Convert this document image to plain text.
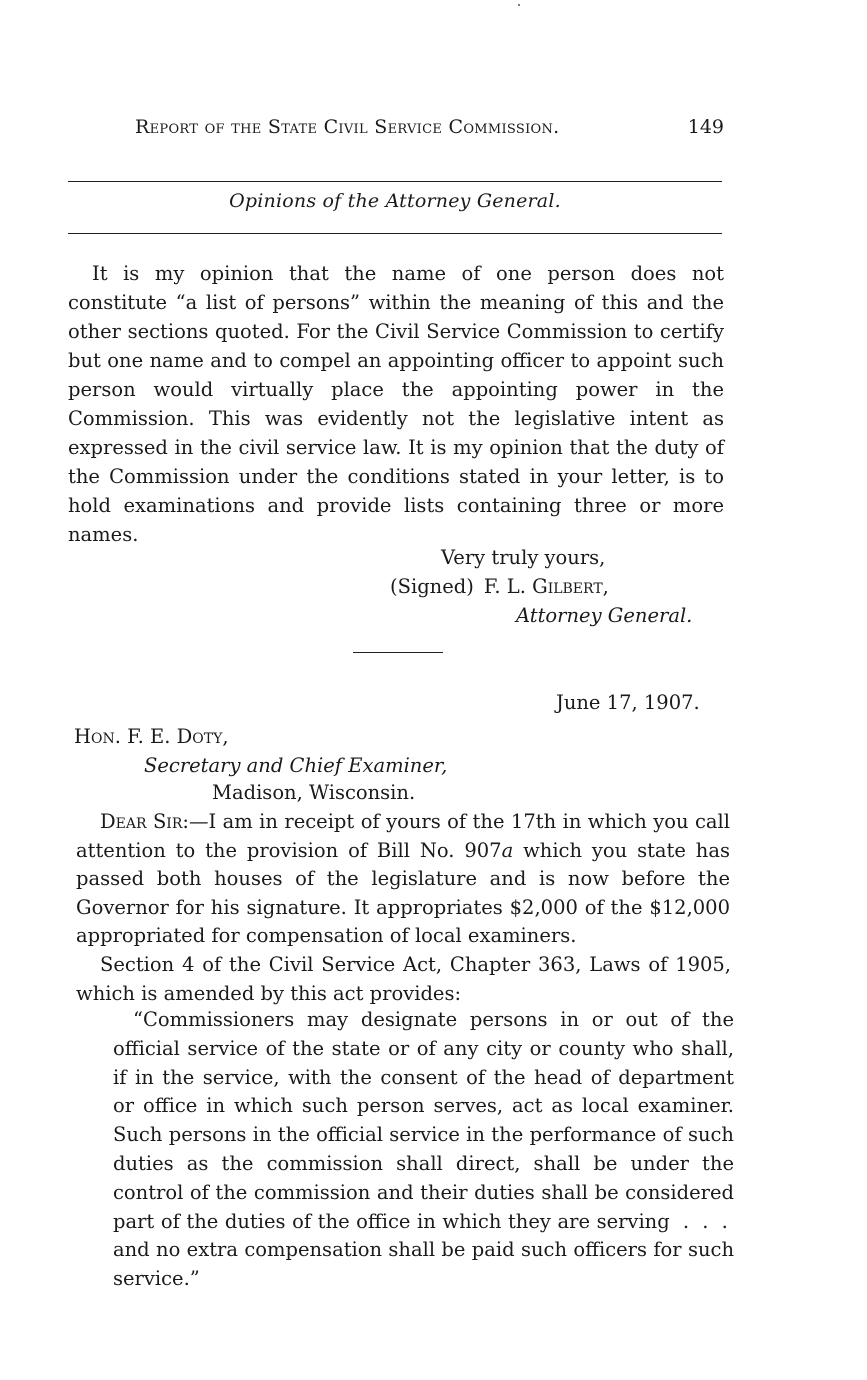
Report of the State Civil Service Commission.	149
Opinions of the Attorney General.

It is my opinion that the name of one person does not constitute “a list of persons” within the meaning of this and the other sections quoted. For the Civil Service Commission to certify but one name and to compel an appointing officer to appoint such person would virtually place the appointing power in the Commission. This was evidently not the legislative intent as expressed in the civil service law. It is my opinion that the duty of the Commission under the conditions stated in your letter, is to hold examinations and provide lists containing three or more names.

Very truly yours,

(Signed) F. L. Gilbert,
Attorney General.
June 17, 1907.
Hon. F. E. Doty,
Secretary and Chief Examiner,
Madison, Wisconsin.

Dear Sir:—I am in receipt of yours of the 17th in which you call attention to the provision of Bill No. 907a which you state has passed both houses of the legislature and is now before the Governor for his signature. It appropriates $2,000 of the $12,000 appropriated for compensation of local examiners.

Section 4 of the Civil Service Act, Chapter 363, Laws of 1905, which is amended by this act provides:

“Commissioners may designate persons in or out of the official service of the state or of any city or county who shall, if in the service, with the consent of the head of department or office in which such person serves, act as local examiner. Such persons in the official service in the performance of such duties as the commission shall direct, shall be under the control of the commission and their duties shall be considered part of the duties of the office in which they are serving  .  .  .  and no extra compensation shall be paid such officers for such service.”
